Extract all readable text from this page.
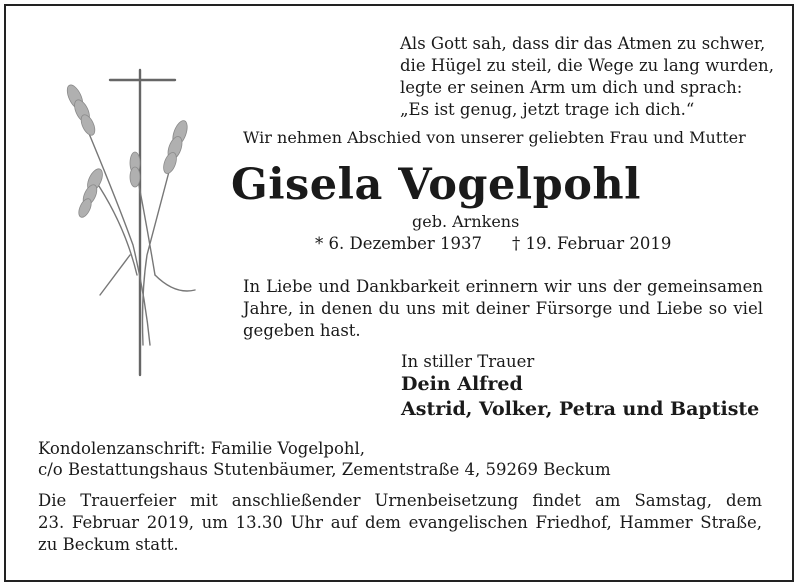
Als Gott sah, dass dir das Atmen zu schwer,
die Hügel zu steil, die Wege zu lang wurden,
legte er seinen Arm um dich und sprach:
„Es ist genug, jetzt trage ich dich.“
Wir nehmen Abschied von unserer geliebten Frau und Mutter
Gisela Vogelpohl
geb. Arnkens
* 6. Dezember 1937 † 19. Februar 2019
In Liebe und Dankbarkeit erinnern wir uns der gemeinsamen
Jahre, in denen du uns mit deiner Fürsorge und Liebe so viel
gegeben hast.
In stiller Trauer
Dein Alfred
Astrid, Volker, Petra und Baptiste
Kondolenzanschrift: Familie Vogelpohl,
c/o Bestattungshaus Stutenbäumer, Zementstraße 4, 59269 Beckum
Die Trauerfeier mit anschließender Urnenbeisetzung findet am Samstag, dem
23. Februar 2019, um 13.30 Uhr auf dem evangelischen Friedhof, Hammer Straße,
zu Beckum statt.
